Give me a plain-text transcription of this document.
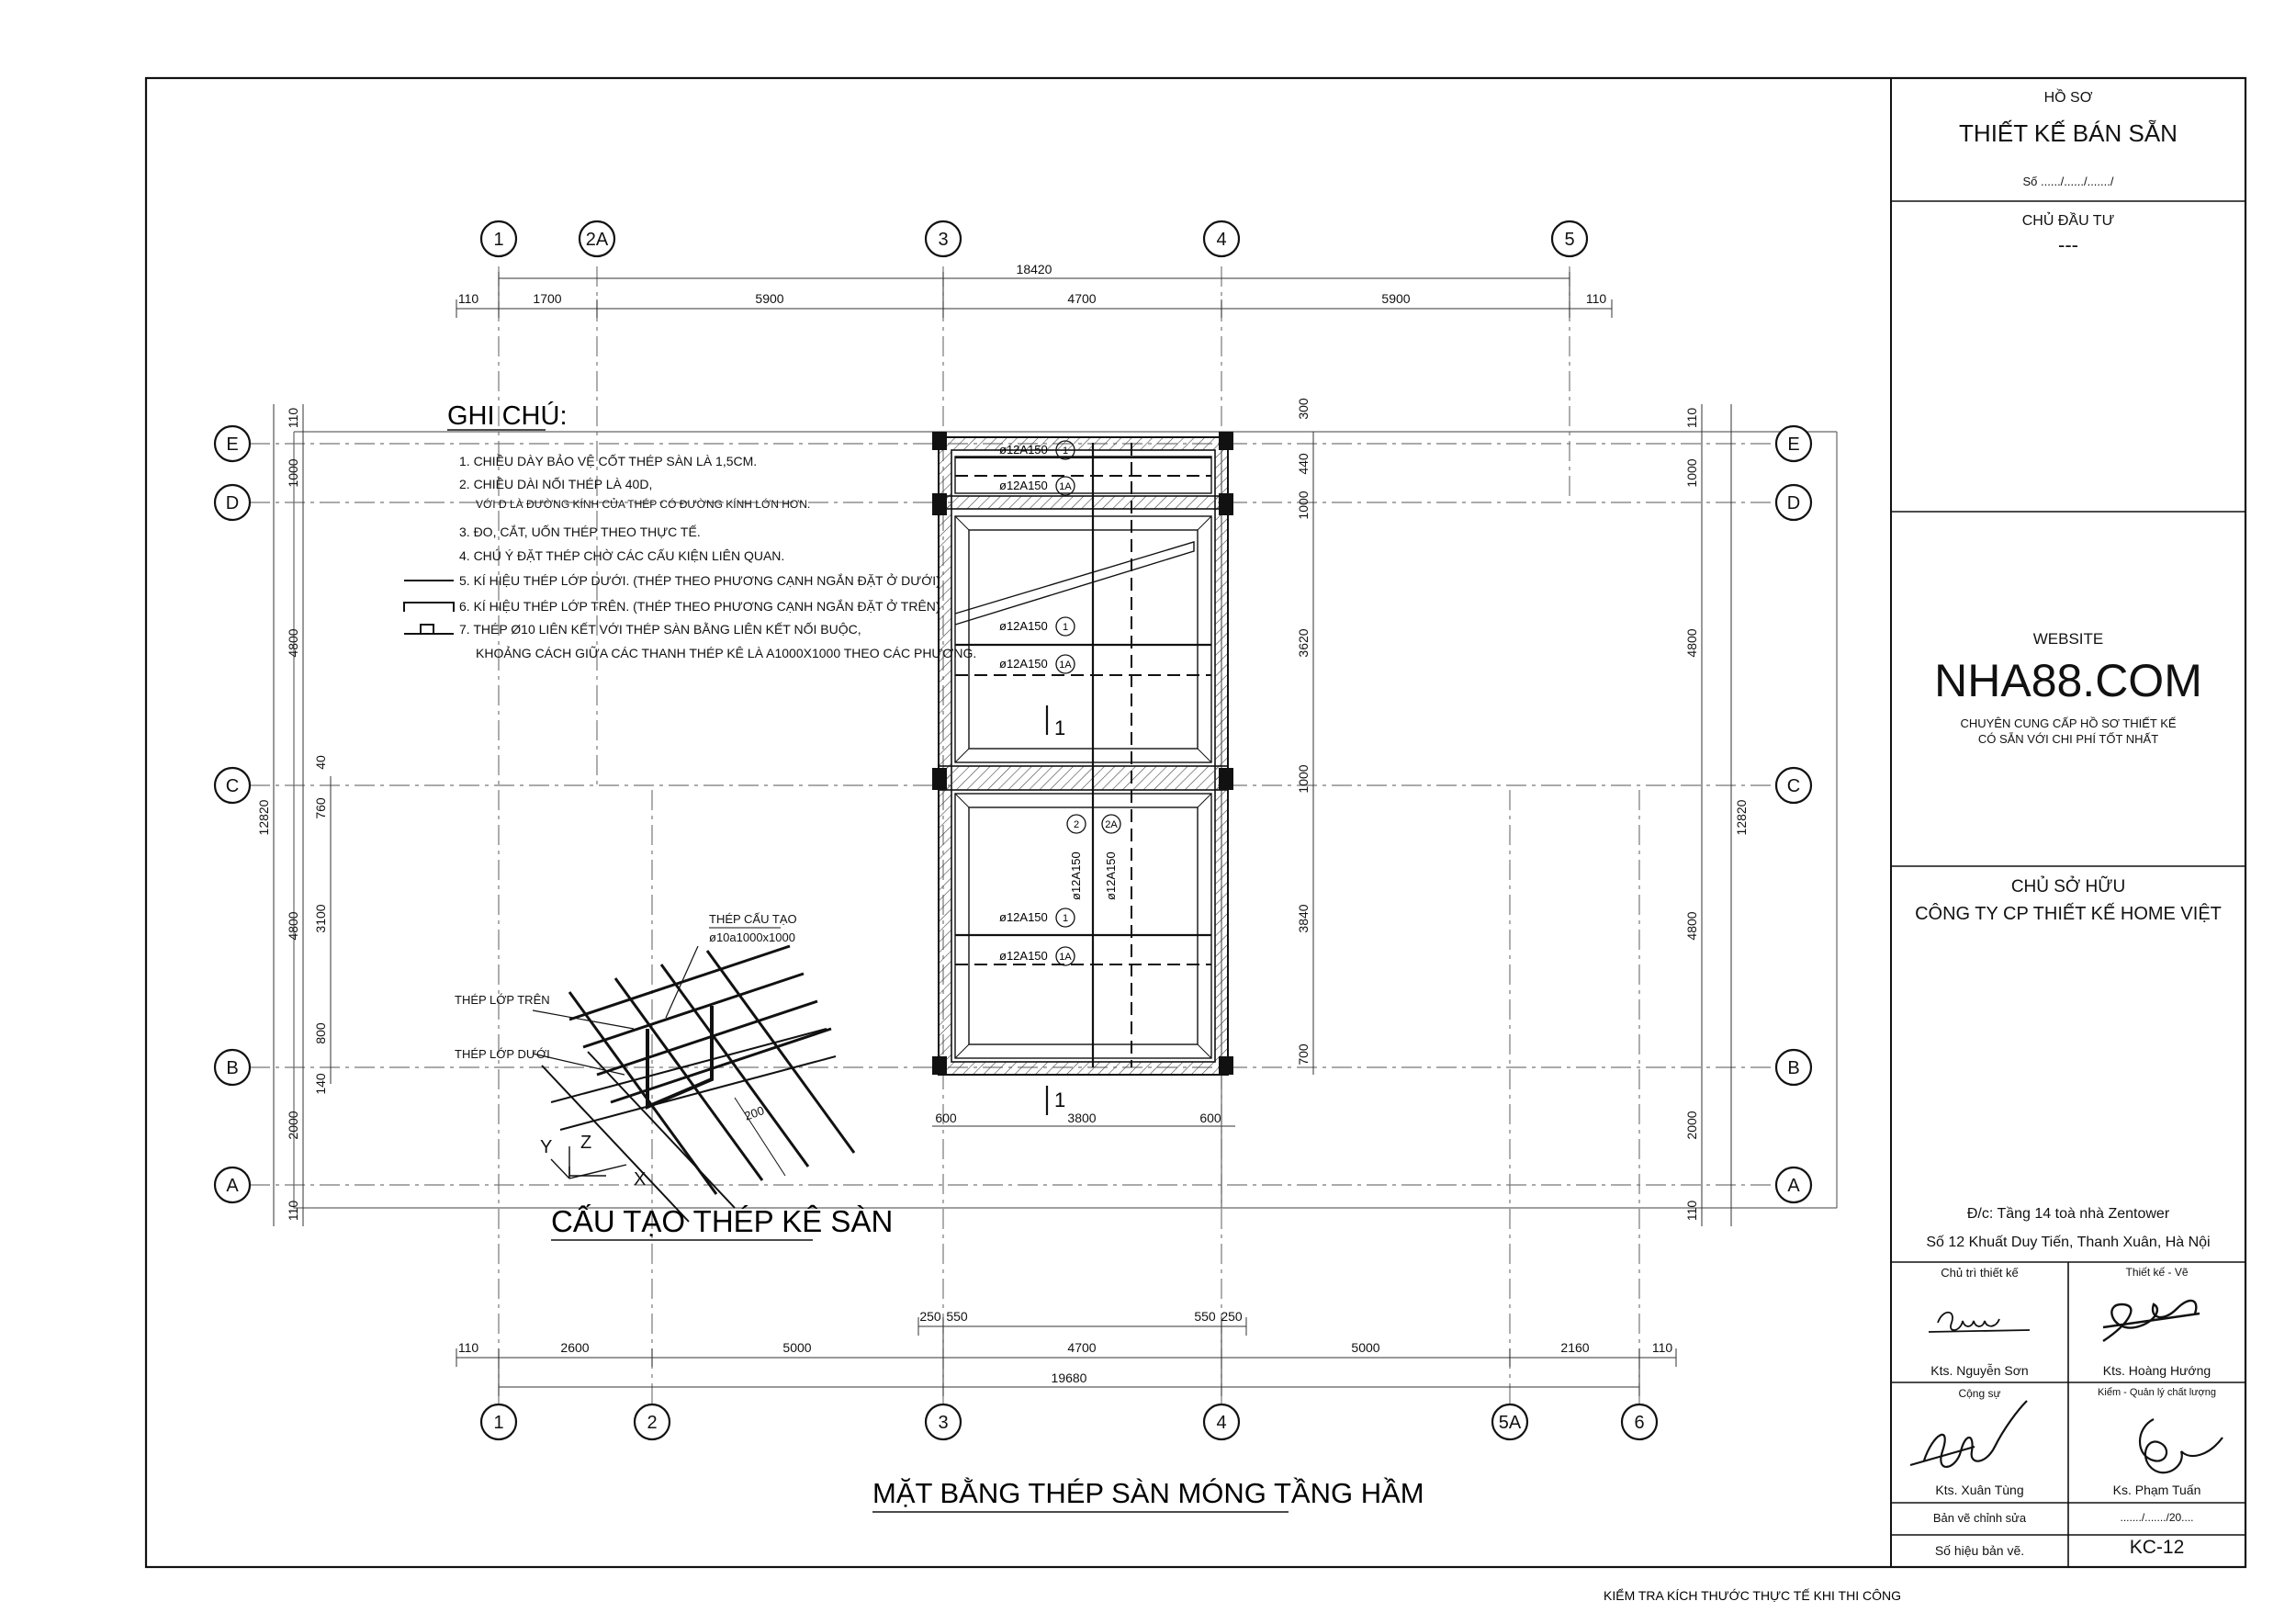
1
1
ø12A150
ø12A150
ø12A150
ø12A150
ø12A150
ø12A150
1
1A
1
1A
1
1A
2	2A
ø12A150 ø12A150
18420
110	1700	5900	4700	5900	110
110	2600	5000	4700	5000	2160	110
19680
250 550	550 250
600	3800	600
12820
110
1000
4800
4800
2000
110
40
760
3100
800
140
12820
110
1000
4800
4800
2000
110
300
440
1000
3620
1000
3840
700
1	2A	3	4	5
1	2	3	4	5A	6
E
D
C
B
A
E
D
C
B
A
GHI CHÚ:
1. CHIỀU DÀY BẢO VỆ CỐT THÉP SÀN LÀ 1,5CM.
2. CHIỀU DÀI NỐI THÉP LÀ 40D,
VỚI D LÀ ĐƯỜNG KÍNH CỦA THÉP CÓ ĐƯỜNG KÍNH LỚN HƠN.
3. ĐO, CẮT, UỐN THÉP THEO THỰC TẾ.
4. CHÚ Ý ĐẶT THÉP CHỜ CÁC CẤU KIỆN LIÊN QUAN.
5. KÍ HIỆU THÉP LỚP DƯỚI. (THÉP THEO PHƯƠNG CẠNH NGẮN ĐẶT Ở DƯỚI)
6. KÍ HIỆU THÉP LỚP TRÊN. (THÉP THEO PHƯƠNG CẠNH NGẮN ĐẶT Ở TRÊN)
7. THÉP Ø10 LIÊN KẾT VỚI THÉP SÀN BẰNG LIÊN KẾT NỐI BUỘC,
KHOẢNG CÁCH GIỮA CÁC THANH THÉP KÊ LÀ A1000X1000 THEO CÁC PHƯƠNG.
THÉP CẤU TẠO
ø10a1000x1000
THÉP LỚP TRÊN
THÉP LỚP DƯỚI
200
Y Z
X
CẤU TẠO THÉP KÊ SÀN
MẶT BẰNG THÉP SÀN MÓNG TẦNG HẦM
KIỂM TRA KÍCH THƯỚC THỰC TẾ KHI THI CÔNG
HỒ SƠ
THIẾT KẾ BÁN SẴN
Số ....../....../......./
CHỦ ĐẦU TƯ
---
WEBSITE
NHA88.COM
CHUYÊN CUNG CẤP HỒ SƠ THIẾT KẾ
CÓ SẴN VỚI CHI PHÍ TỐT NHẤT
CHỦ SỞ HỮU
CÔNG TY CP THIẾT KẾ HOME VIỆT
Đ/c: Tầng 14 toà nhà Zentower
Số 12 Khuất Duy Tiến, Thanh Xuân, Hà Nội
Chủ trì thiết kế	Thiết kế - Vẽ
Kts. Nguyễn Sơn	Kts. Hoàng Hướng
Cộng sự	Kiểm - Quản lý chất lượng
Kts. Xuân Tùng	Ks. Phạm Tuấn
Bản vẽ chỉnh sửa	......./......./20....
Số hiệu bản vẽ.	KC-12
